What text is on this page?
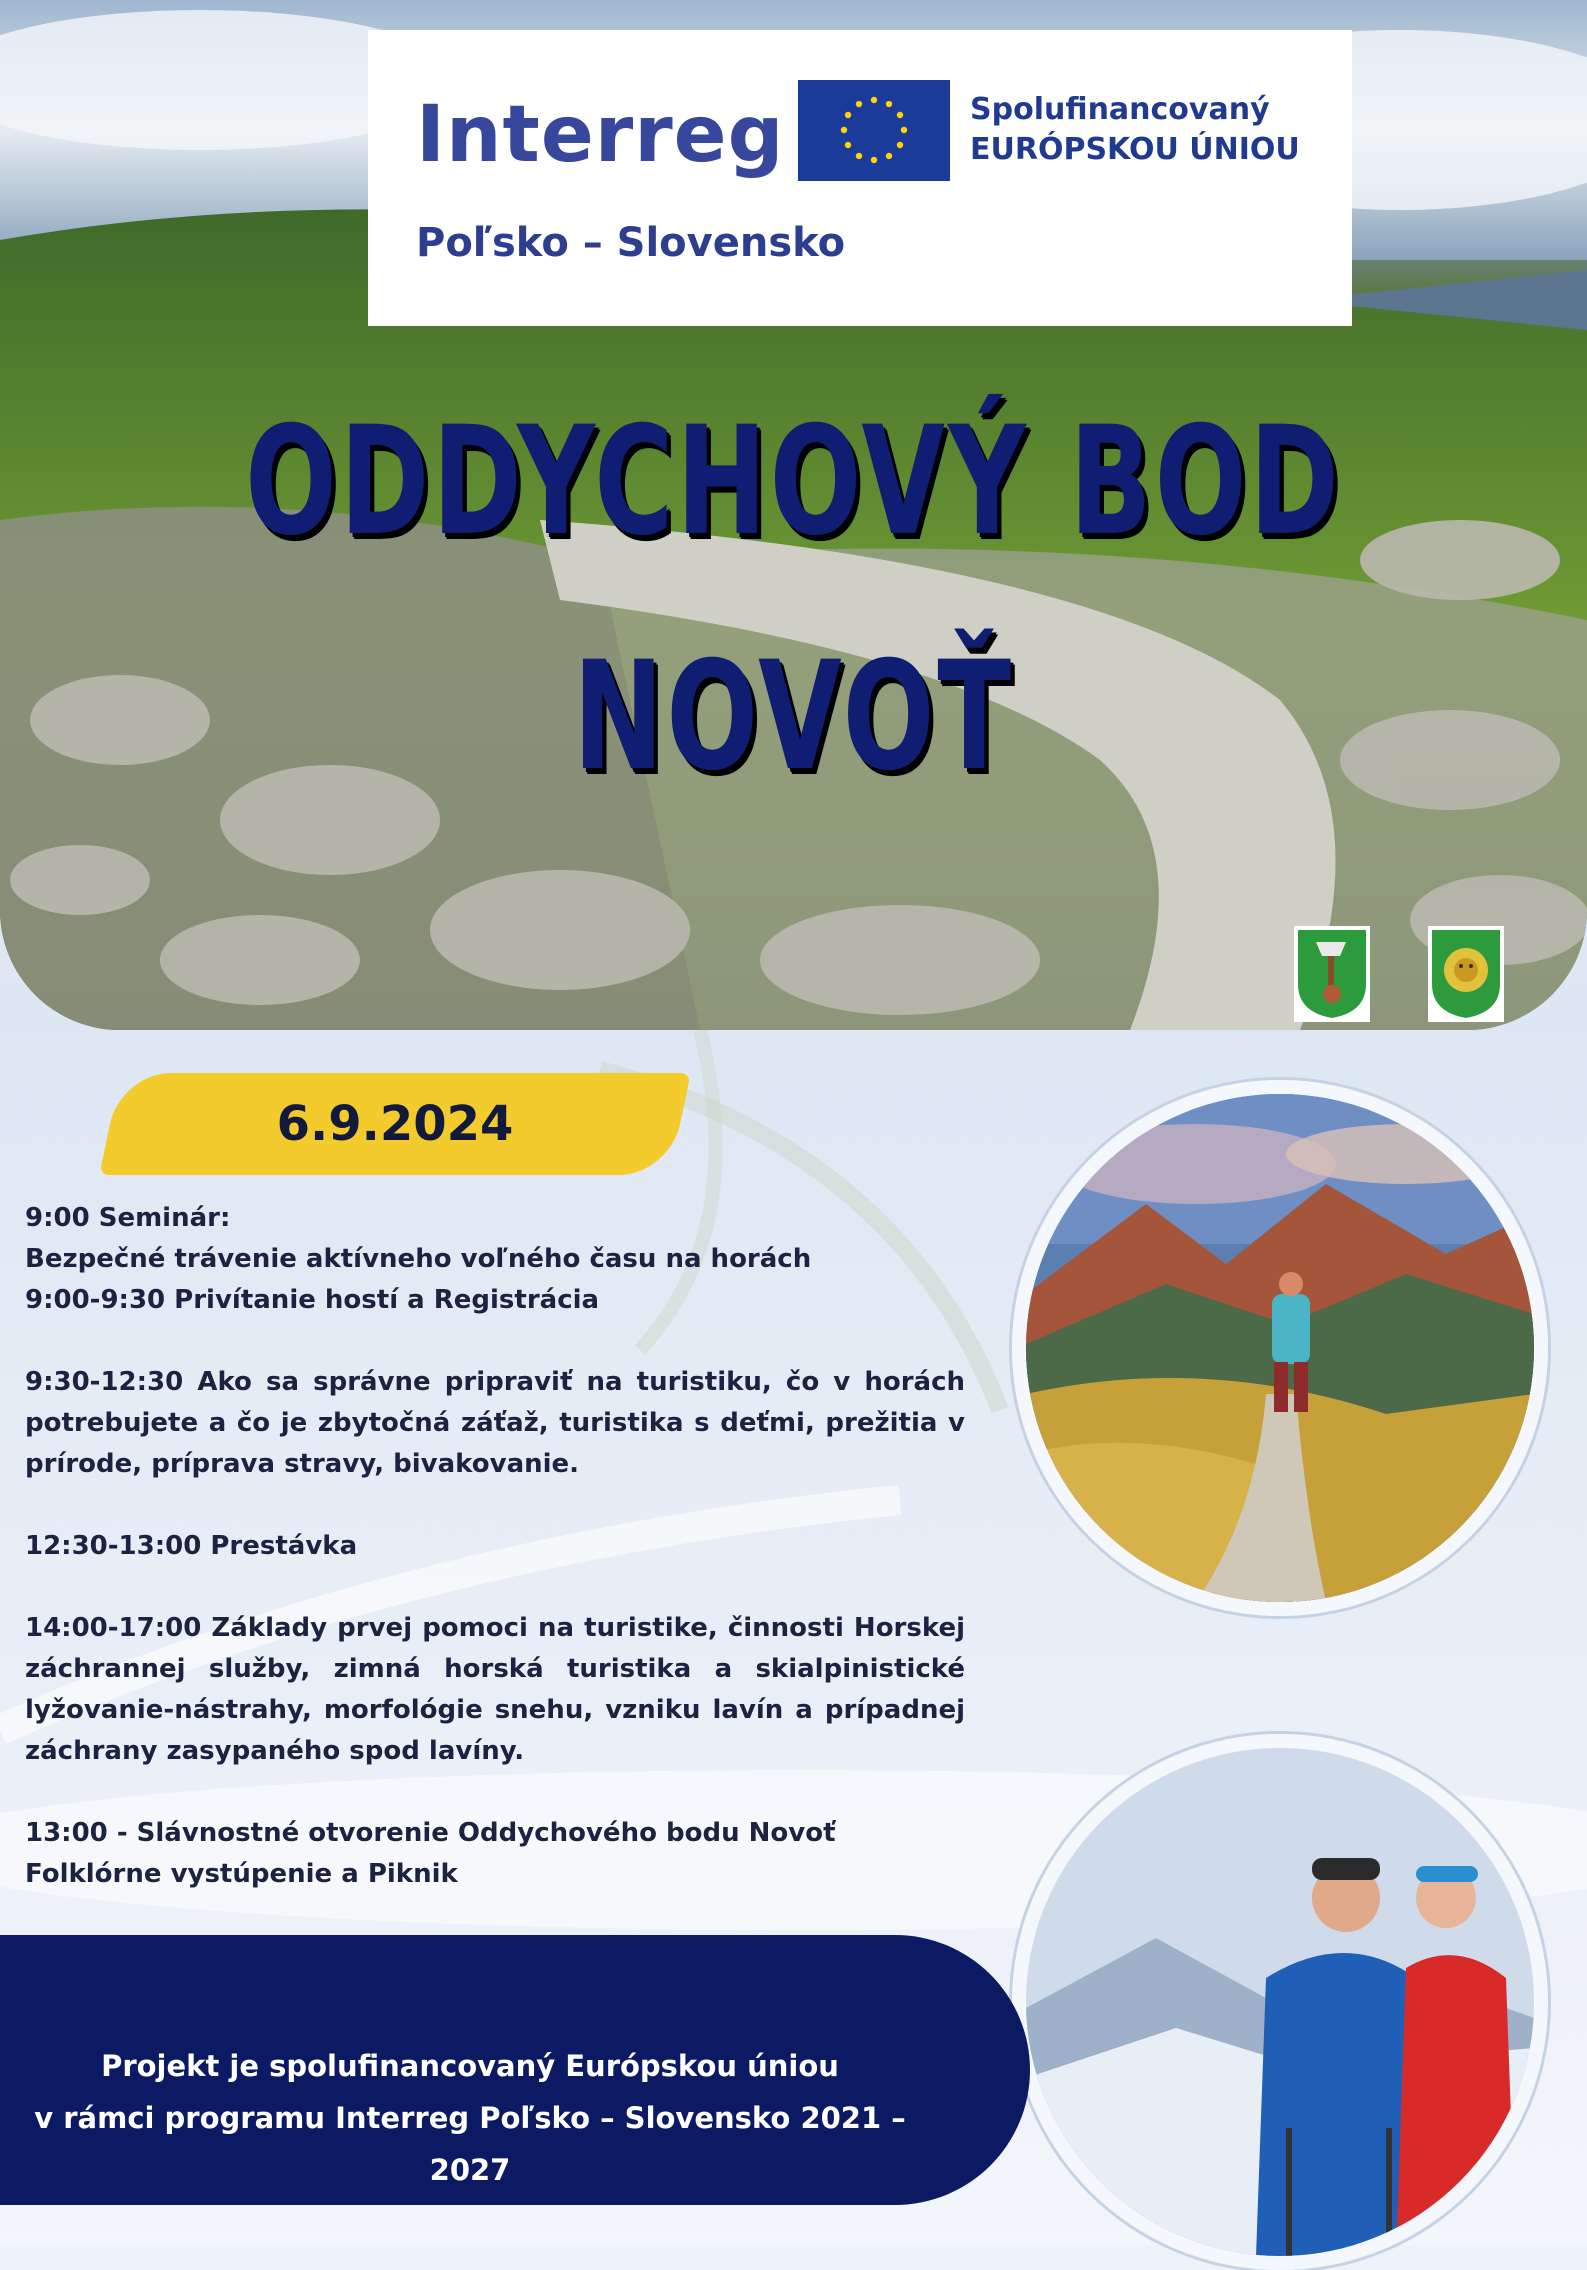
Interreg	Spolufinancovaný
EURÓPSKOU ÚNIOU
Poľsko – Slovensko
ODDYCHOVÝ BOD
NOVOŤ
6.9.2024

9:00 Seminár:

Bezpečné trávenie aktívneho voľného času na horách

9:00-9:30 Privítanie hostí a Registrácia

9:30-12:30 Ako sa správne pripraviť na turistiku, čo v horách potrebujete a čo je zbytočná záťaž, turistika s deťmi, prežitia v prírode, príprava stravy, bivakovanie.

12:30-13:00 Prestávka

14:00-17:00 Základy prvej pomoci na turistike, činnosti Horskej záchrannej služby, zimná horská turistika a skialpinistické lyžovanie-nástrahy, morfológie snehu, vzniku lavín a prípadnej záchrany zasypaného spod lavíny.

13:00 - Slávnostné otvorenie Oddychového bodu Novoť

Folklórne vystúpenie a Piknik

Projekt je spolufinancovaný Európskou úniou
v rámci programu Interreg Poľsko – Slovensko 2021 – 2027
